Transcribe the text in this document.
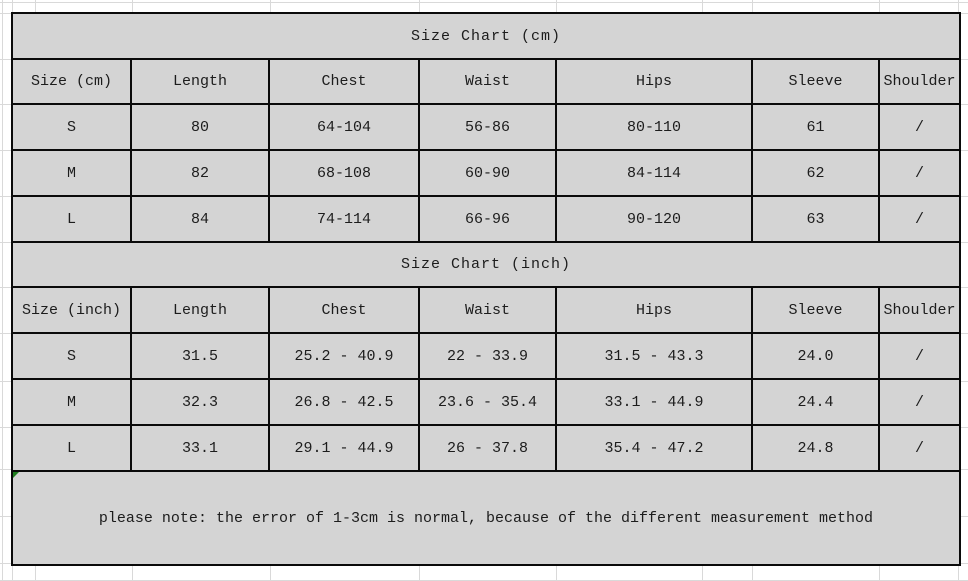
Size Chart (cm)						
Size (cm)	Length	Chest	Waist	Hips	Sleeve	Shoulder
S	80	64-104	56-86	80-110	61	/
M	82	68-108	60-90	84-114	62	/
L	84	74-114	66-96	90-120	63	/
Size Chart (inch)						
Size (inch)	Length	Chest	Waist	Hips	Sleeve	Shoulder
S	31.5	25.2 - 40.9	22 - 33.9	31.5 - 43.3	24.0	/
M	32.3	26.8 - 42.5	23.6 - 35.4	33.1 - 44.9	24.4	/
L	33.1	29.1 - 44.9	26 - 37.8	35.4 - 47.2	24.8	/

please note: the error of 1-3cm is normal, because of the different measurement method						
